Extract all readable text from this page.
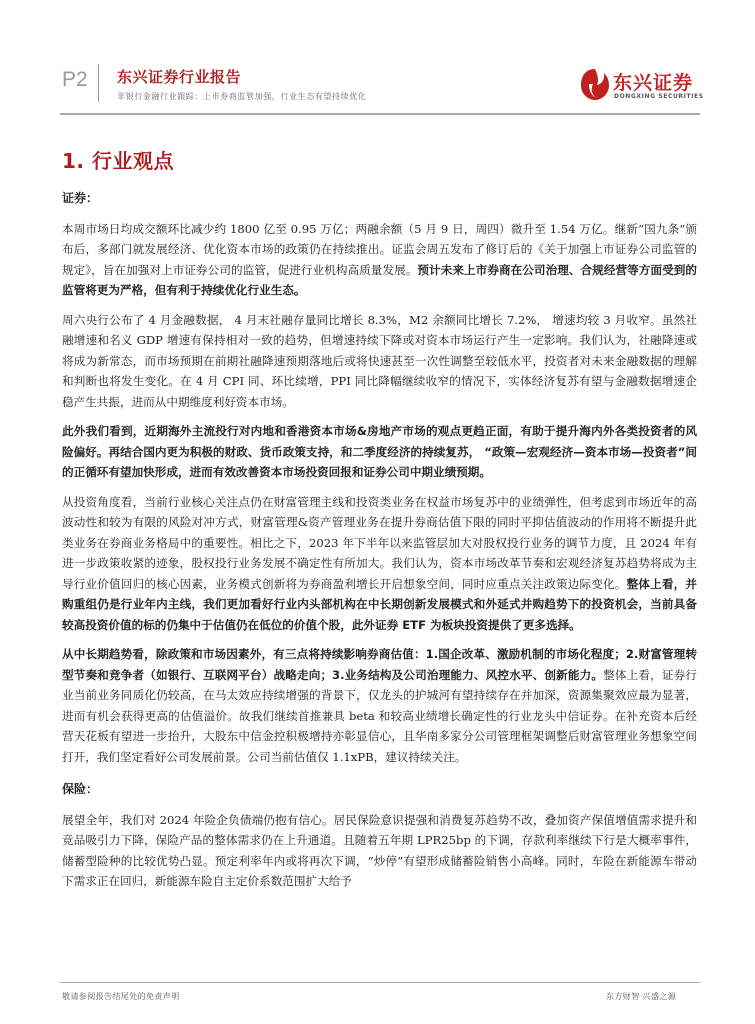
P2 东兴证券行业报告
非银行金融行业跟踪：上市券商监管加强，行业生态有望持续优化
东兴证券
DONGXING SECURITIES
1. 行业观点

证券：

本周市场日均成交额环比减少约 1800 亿至 0.95 万亿；两融余额（5 月 9 日，周四）微升至 1.54 万亿。继新“国九条”颁布后，多部门就发展经济、优化资本市场的政策仍在持续推出。证监会周五发布了修订后的《关于加强上市证券公司监管的规定》，旨在加强对上市证券公司的监管，促进行业机构高质量发展。预计未来上市券商在公司治理、合规经营等方面受到的监管将更为严格，但有利于持续优化行业生态。

周六央行公布了 4 月金融数据， 4 月末社融存量同比增长 8.3%，M2 余额同比增长 7.2%， 增速均较 3 月收窄。虽然社融增速和名义 GDP 增速有保持相对一致的趋势，但增速持续下降或对资本市场运行产生一定影响。我们认为，社融降速或将成为新常态，而市场预期在前期社融降速预期落地后或将快速甚至一次性调整至较低水平，投资者对未来金融数据的理解和判断也将发生变化。在 4 月 CPI 同、环比续增，PPI 同比降幅继续收窄的情况下，实体经济复苏有望与金融数据增速企稳产生共振，进而从中期维度利好资本市场。

此外我们看到，近期海外主流投行对内地和香港资本市场&房地产市场的观点更趋正面，有助于提升海内外各类投资者的风险偏好。再结合国内更为积极的财政、货币政策支持，和二季度经济的持续复苏， “政策—宏观经济—资本市场—投资者”间的正循环有望加快形成，进而有效改善资本市场投资回报和证券公司中期业绩预期。

从投资角度看，当前行业核心关注点仍在财富管理主线和投资类业务在权益市场复苏中的业绩弹性，但考虑到市场近年的高波动性和较为有限的风险对冲方式，财富管理&资产管理业务在提升券商估值下限的同时平抑估值波动的作用将不断提升此类业务在券商业务格局中的重要性。相比之下，2023 年下半年以来监管层加大对股权投行业务的调节力度，且 2024 年有进一步政策收紧的迹象，股权投行业务发展不确定性有所加大。我们认为，资本市场改革节奏和宏观经济复苏趋势将成为主导行业价值回归的核心因素，业务模式创新将为券商盈利增长开启想象空间，同时应重点关注政策边际变化。整体上看，并购重组仍是行业年内主线，我们更加看好行业内头部机构在中长期创新发展模式和外延式并购趋势下的投资机会，当前具备较高投资价值的标的仍集中于估值仍在低位的价值个股，此外证券 ETF 为板块投资提供了更多选择。

从中长期趋势看，除政策和市场因素外，有三点将持续影响券商估值：1.国企改革、激励机制的市场化程度；2.财富管理转型节奏和竞争者（如银行、互联网平台）战略走向；3.业务结构及公司治理能力、风控水平、创新能力。整体上看，证券行业当前业务同质化仍较高，在马太效应持续增强的背景下，仅龙头的护城河有望持续存在并加深，资源集聚效应最为显著，进而有机会获得更高的估值溢价。故我们继续首推兼具 beta 和较高业绩增长确定性的行业龙头中信证券。在补充资本后经营天花板有望进一步抬升，大股东中信金控积极增持亦彰显信心，且华南多家分公司管理框架调整后财富管理业务想象空间打开，我们坚定看好公司发展前景。公司当前估值仅 1.1xPB，建议持续关注。

保险：

展望全年，我们对 2024 年险企负债端仍抱有信心。居民保险意识提强和消费复苏趋势不改，叠加资产保值增值需求提升和竞品吸引力下降，保险产品的整体需求仍在上升通道。且随着五年期 LPR25bp 的下调，存款利率继续下行是大概率事件，储蓄型险种的比较优势凸显。预定利率年内或将再次下调，“炒停”有望形成储蓄险销售小高峰。同时，车险在新能源车带动下需求正在回归，新能源车险自主定价系数范围扩大给予

敬请参阅报告结尾处的免责声明	东方财智 兴盛之源
